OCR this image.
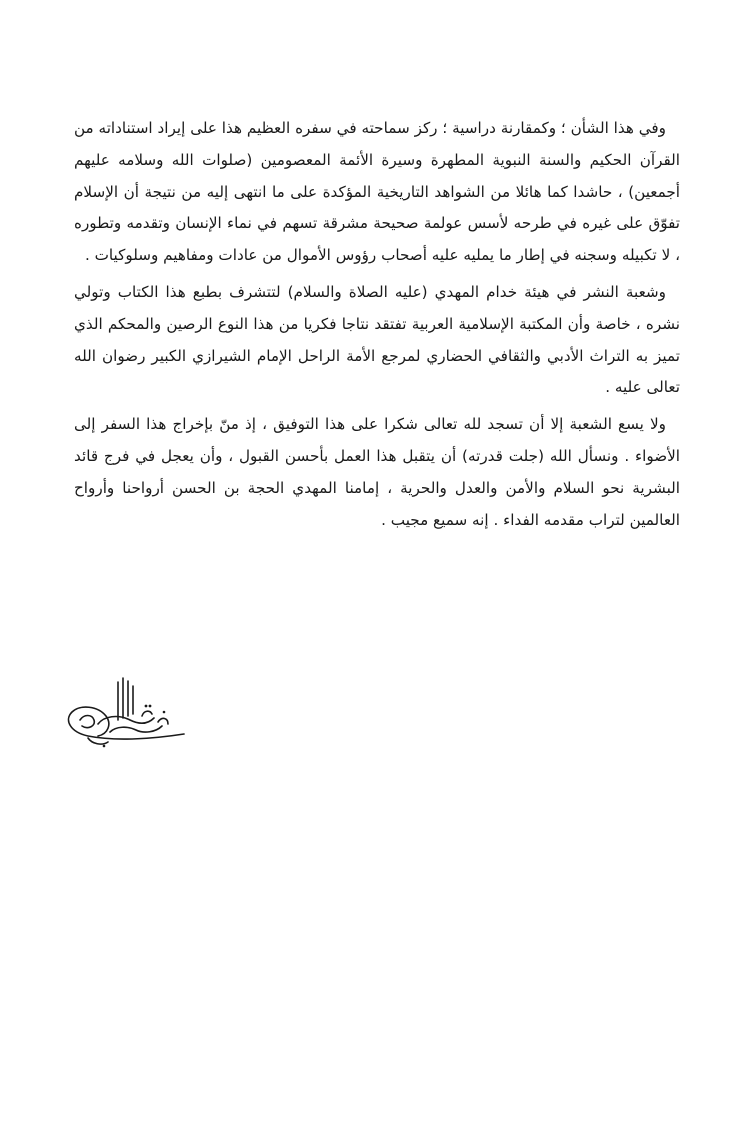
وفي هذا الشأن ؛ وكمقارنة دراسية ؛ ركز سماحته في سفره العظيم هذا على إيراد استناداته من القرآن الحكيم والسنة النبوية المطهرة وسيرة الأئمة المعصومين (صلوات الله وسلامه عليهم أجمعين) ، حاشدا كما هائلا من الشواهد التاريخية المؤكدة على ما انتهى إليه من نتيجة أن الإسلام تفوّق على غيره في طرحه لأسس عولمة صحيحة مشرقة تسهم في نماء الإنسان وتقدمه وتطوره ، لا تكبيله وسجنه في إطار ما يمليه عليه أصحاب رؤوس الأموال من عادات ومفاهيم وسلوكيات .

وشعبة النشر في هيئة خدام المهدي (عليه الصلاة والسلام) لتتشرف بطبع هذا الكتاب وتولي نشره ، خاصة وأن المكتبة الإسلامية العربية تفتقد نتاجا فكريا من هذا النوع الرصين والمحكم الذي تميز به التراث الأدبي والثقافي الحضاري لمرجع الأمة الراحل الإمام الشيرازي الكبير رضوان الله تعالى عليه .

ولا يسع الشعبة إلا أن تسجد لله تعالى شكرا على هذا التوفيق ، إذ منّ بإخراج هذا السفر إلى الأضواء . ونسأل الله (جلت قدرته) أن يتقبل هذا العمل بأحسن القبول ، وأن يعجل في فرج قائد البشرية نحو السلام والأمن والعدل والحرية ، إمامنا المهدي الحجة بن الحسن أرواحنا وأرواح العالمين لتراب مقدمه الفداء . إنه سميع مجيب .
